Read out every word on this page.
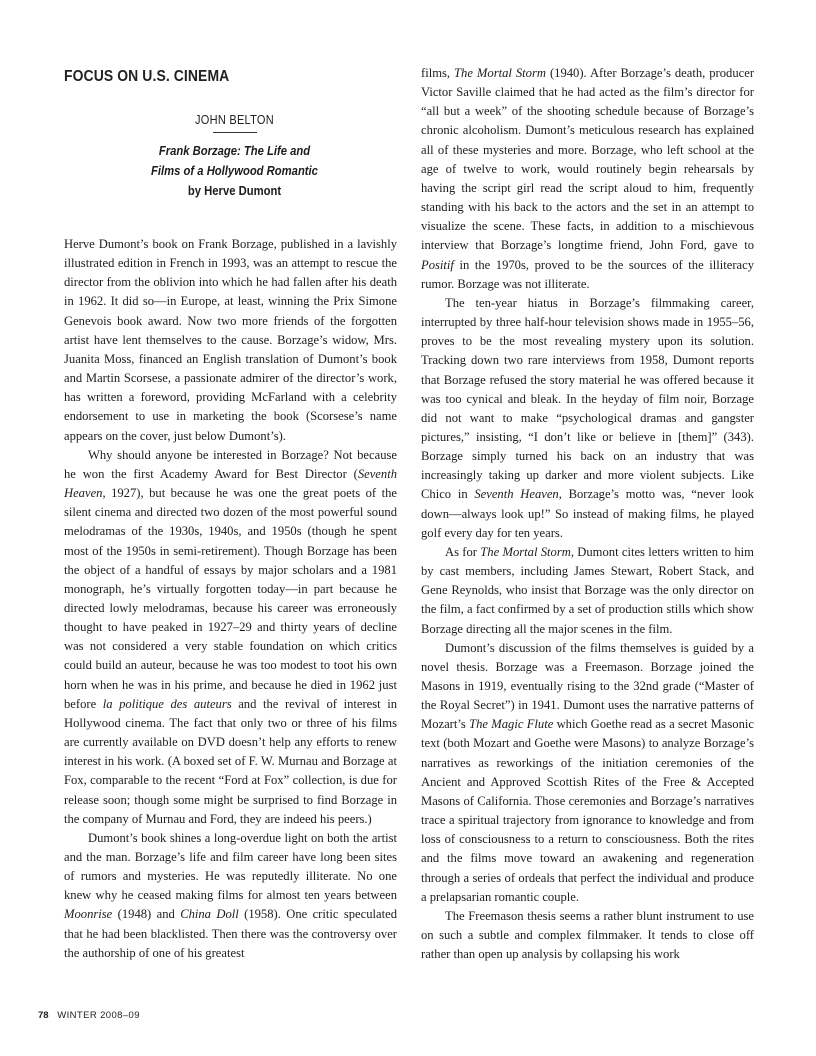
FOCUS ON U.S. CINEMA
JOHN BELTON
Frank Borzage: The Life and
Films of a Hollywood Romantic
by Herve Dumont

Herve Dumont’s book on Frank Borzage, published in a lavishly illustrated edition in French in 1993, was an attempt to rescue the director from the oblivion into which he had fallen after his death in 1962. It did so—in Europe, at least, winning the Prix Simone Genevois book award. Now two more friends of the forgotten artist have lent themselves to the cause. Borzage’s widow, Mrs. Juanita Moss, financed an English translation of Dumont’s book and Martin Scorsese, a passionate admirer of the director’s work, has written a foreword, providing McFarland with a celebrity endorsement to use in marketing the book (Scorsese’s name appears on the cover, just below Dumont’s).

Why should anyone be interested in Borzage? Not because he won the first Academy Award for Best Director (Seventh Heaven, 1927), but because he was one the great poets of the silent cinema and directed two dozen of the most powerful sound melodramas of the 1930s, 1940s, and 1950s (though he spent most of the 1950s in semi-retirement). Though Borzage has been the object of a handful of essays by major scholars and a 1981 monograph, he’s virtually forgotten today—in part because he directed lowly melodramas, because his career was erroneously thought to have peaked in 1927–29 and thirty years of decline was not considered a very stable foundation on which critics could build an auteur, because he was too modest to toot his own horn when he was in his prime, and because he died in 1962 just before la politique des auteurs and the revival of interest in Hollywood cinema. The fact that only two or three of his films are currently available on DVD doesn’t help any efforts to renew interest in his work. (A boxed set of F. W. Murnau and Borzage at Fox, comparable to the recent “Ford at Fox” collection, is due for release soon; though some might be surprised to find Borzage in the company of Murnau and Ford, they are indeed his peers.)

Dumont’s book shines a long-overdue light on both the artist and the man. Borzage’s life and film career have long been sites of rumors and mysteries. He was reputedly illiterate. No one knew why he ceased making films for almost ten years between Moonrise (1948) and China Doll (1958). One critic speculated that he had been blacklisted. Then there was the controversy over the authorship of one of his greatest

films, The Mortal Storm (1940). After Borzage’s death, producer Victor Saville claimed that he had acted as the film’s director for “all but a week” of the shooting schedule because of Borzage’s chronic alcoholism. Dumont’s meticulous research has explained all of these mysteries and more. Borzage, who left school at the age of twelve to work, would routinely begin rehearsals by having the script girl read the script aloud to him, frequently standing with his back to the actors and the set in an attempt to visualize the scene. These facts, in addition to a mischievous interview that Borzage’s longtime friend, John Ford, gave to Positif in the 1970s, proved to be the sources of the illiteracy rumor. Borzage was not illiterate.

The ten-year hiatus in Borzage’s filmmaking career, interrupted by three half-hour television shows made in 1955–56, proves to be the most revealing mystery upon its solution. Tracking down two rare interviews from 1958, Dumont reports that Borzage refused the story material he was offered because it was too cynical and bleak. In the heyday of film noir, Borzage did not want to make “psychological dramas and gangster pictures,” insisting, “I don’t like or believe in [them]” (343). Borzage simply turned his back on an industry that was increasingly taking up darker and more violent subjects. Like Chico in Seventh Heaven, Borzage’s motto was, “never look down—always look up!” So instead of making films, he played golf every day for ten years.

As for The Mortal Storm, Dumont cites letters written to him by cast members, including James Stewart, Robert Stack, and Gene Reynolds, who insist that Borzage was the only director on the film, a fact confirmed by a set of production stills which show Borzage directing all the major scenes in the film.

Dumont’s discussion of the films themselves is guided by a novel thesis. Borzage was a Freemason. Borzage joined the Masons in 1919, eventually rising to the 32nd grade (“Master of the Royal Secret”) in 1941. Dumont uses the narrative patterns of Mozart’s The Magic Flute which Goethe read as a secret Masonic text (both Mozart and Goethe were Masons) to analyze Borzage’s narratives as reworkings of the initiation ceremonies of the Ancient and Approved Scottish Rites of the Free & Accepted Masons of California. Those ceremonies and Borzage’s narratives trace a spiritual trajectory from ignorance to knowledge and from loss of consciousness to a return to consciousness. Both the rites and the films move toward an awakening and regeneration through a series of ordeals that perfect the individual and produce a prelapsarian romantic couple.

The Freemason thesis seems a rather blunt instrument to use on such a subtle and complex filmmaker. It tends to close off rather than open up analysis by collapsing his work

78 WINTER 2008–09
